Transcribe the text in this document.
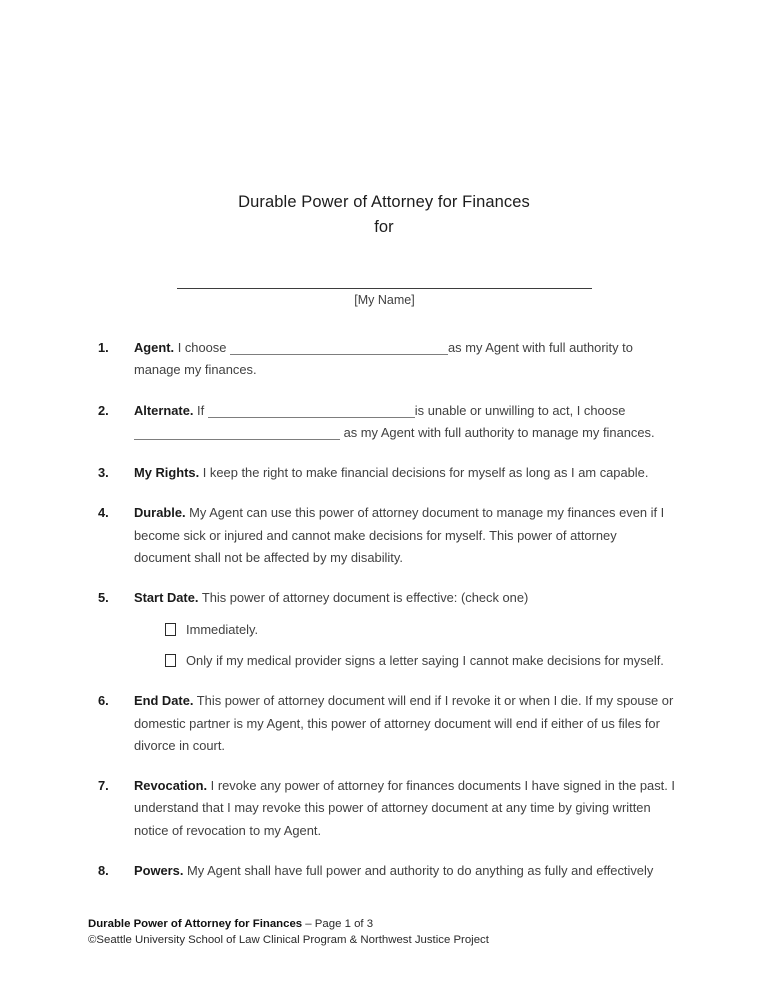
Durable Power of Attorney for Finances
for
[My Name]
1.	Agent. I choose	as my Agent with full authority to manage my finances.
2.	Alternate. If	is unable or unwilling to act, I choose  as my Agent with full authority to manage my finances.
3.	My Rights. I keep the right to make financial decisions for myself as long as I am capable.
4.	Durable. My Agent can use this power of attorney document to manage my finances even if I become sick or injured and cannot make decisions for myself. This power of attorney document shall not be affected by my disability.
5.	Start Date. This power of attorney document is effective: (check one)
Immediately.
Only if my medical provider signs a letter saying I cannot make decisions for myself.
6.	End Date. This power of attorney document will end if I revoke it or when I die. If my spouse or domestic partner is my Agent, this power of attorney document will end if either of us files for divorce in court.
7.	Revocation. I revoke any power of attorney for finances documents I have signed in the past. I understand that I may revoke this power of attorney document at any time by giving written notice of revocation to my Agent.
8.	Powers. My Agent shall have full power and authority to do anything as fully and effectively
Durable Power of Attorney for Finances – Page 1 of 3
©Seattle University School of Law Clinical Program & Northwest Justice Project
